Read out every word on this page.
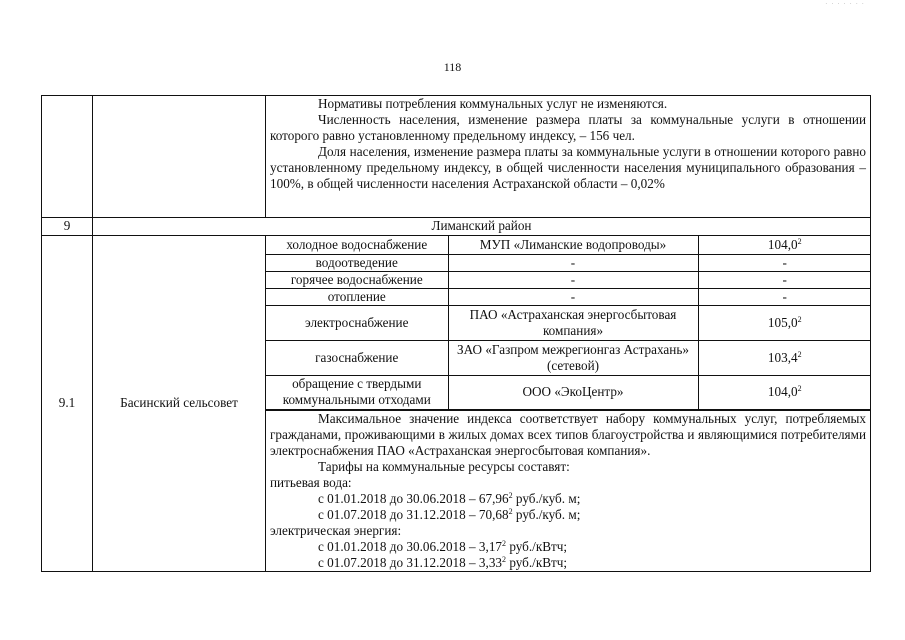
· · · · · · ·
118

Нормативы потребления коммунальных услуг не изменяются.
Численность населения, изменение размера платы за коммунальные услуги в отношении которого равно установленному предельному индексу, – 156 чел.
Доля населения, изменение размера платы за коммунальные услуги в отношении которого равно установленному предельному индексу, в общей численности населения муниципального образования – 100%, в общей численности населения Астраханской области – 0,02%

9	Лиманский район
9.1	Басинский сельсовет	
холодное водоснабжение	МУП «Лиманские водопроводы»	104,0$^2$
водоотведение	-	-
горячее водоснабжение	-	-
отопление	-	-
электроснабжение	ПАО «Астраханская энергосбытовая компания»	105,0$^2$
газоснабжение	ЗАО «Газпром межрегионгаз Астрахань» (сетевой)	103,4$^2$
обращение с твердыми коммунальными отходами	ООО «ЭкоЦентр»	104,0$^2$

Максимальное значение индекса соответствует набору коммунальных услуг, потребляемых гражданами, проживающими в жилых домах всех типов благоустройства и являющимися потребителями электроснабжения ПАО «Астраханская энергосбытовая компания».
Тарифы на коммунальные ресурсы составят:
питьевая вода:
с 01.01.2018 до 30.06.2018 – 67,96$^2$ руб./куб. м;
с 01.07.2018 до 31.12.2018 – 70,68$^2$ руб./куб. м;
электрическая энергия:
с 01.01.2018 до 30.06.2018 – 3,17$^2$ руб./кВтч;
с 01.07.2018 до 31.12.2018 – 3,33$^2$ руб./кВтч;
